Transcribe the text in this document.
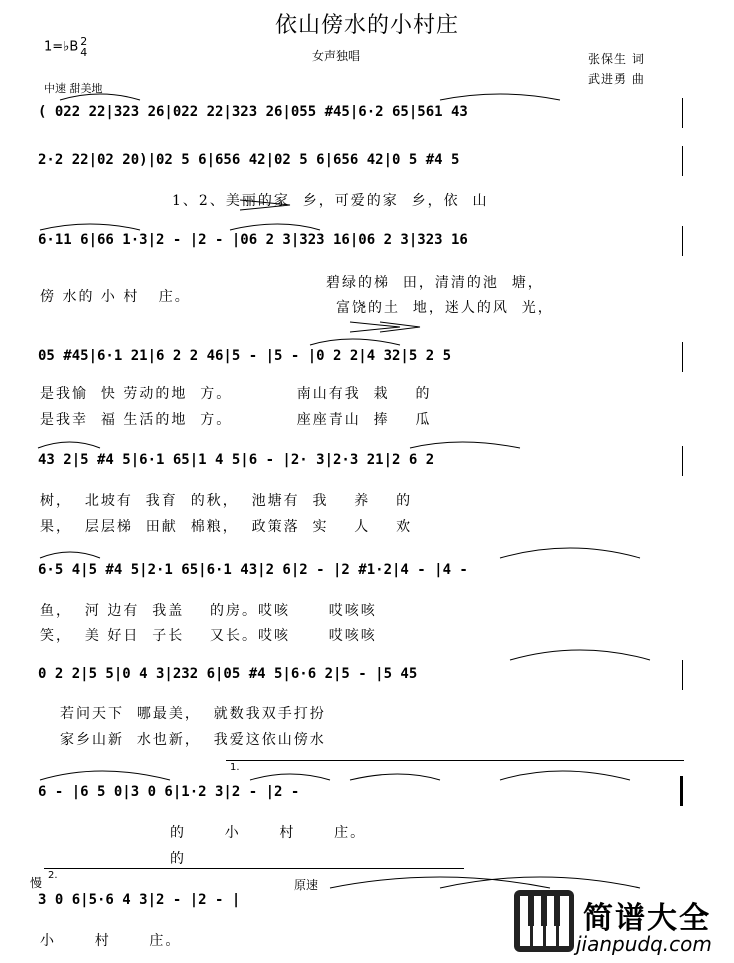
依山傍水的小村庄
女声独唱	张保生 词
武进勇 曲
1=♭B 2
4
中速 甜美地
( 022 22|323 26|022 22|323 26|055 #45|6·2 65|561 43
2·2 22|02 20)|02 5 6|656 42|02 5 6|656 42|0 5 #4 5
1、2、美丽的家  乡，可爱的家  乡，依  山
6·11 6|66 1·3|2 - |2 - |06 2 3|323 16|06 2 3|323 16
傍 水的 小 村   庄。
碧绿的梯  田，清清的池  塘，
富饶的土  地，迷人的风  光，
05 #45|6·1 21|6 2 2 46|5 - |5 - |0 2 2|4 32|5 2 5
是我愉  快 劳动的地  方。          南山有我  栽    的
是我幸  福 生活的地  方。          座座青山  捧    瓜
43 2|5 #4 5|6·1 65|1 4 5|6 - |2· 3|2·3 21|2 6 2
树，  北坡有  我育  的秋，  池塘有  我    养    的
果，  层层梯  田献  棉粮，  政策落  实    人    欢
6·5 4|5 #4 5|2·1 65|6·1 43|2 6|2 - |2 #1·2|4 - |4 -
鱼，  河 边有  我盖    的房。哎咳      哎咳咳
笑，  美 好日  子长    又长。哎咳      哎咳咳
0 2 2|5 5|0 4 3|232 6|05 #4 5|6·6 2|5 - |5 45
若问天下  哪最美，  就数我双手打扮
家乡山新  水也新，  我爱这依山傍水
1.
6 - |6 5 0|3 0 6|1·2 3|2 - |2 -
的      小      村      庄。
的
慢
2.
原速
3 0 6|5·6 4 3|2 - |2 - |
小      村      庄。
简谱大全
jianpudq.com
